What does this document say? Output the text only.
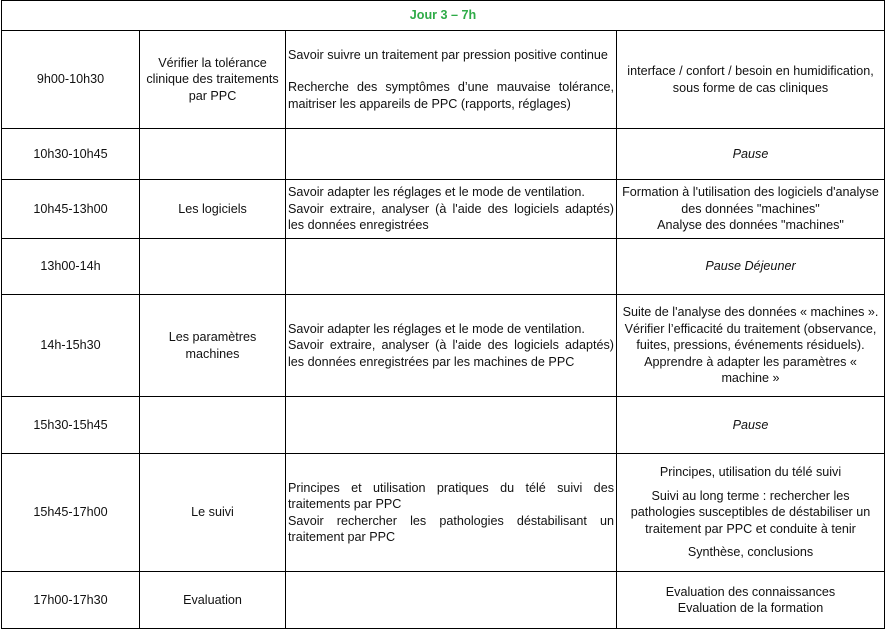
Jour 3 – 7h			
9h00-10h30	Vérifier la tolérance clinique des traitements par PPC	Savoir suivre un traitement par pression positive continue
Recherche des symptômes d’une mauvaise tolérance, maitriser les appareils de PPC (rapports, réglages)	interface / confort / besoin en humidification, sous forme de cas cliniques

10h30-10h45			Pause
10h45-13h00	Les logiciels	Savoir adapter les réglages et le mode de ventilation.
Savoir extraire, analyser (à l'aide des logiciels adaptés) les données enregistrées	Formation à l'utilisation des logiciels d'analyse des données "machines"
Analyse des données "machines"

13h00-14h			Pause Déjeuner
14h-15h30	Les paramètres machines	Savoir adapter les réglages et le mode de ventilation.
Savoir extraire, analyser (à l'aide des logiciels adaptés) les données enregistrées par les machines de PPC	Suite de l'analyse des données « machines ».
Vérifier l’efficacité du traitement (observance, fuites, pressions, événements résiduels).
Apprendre à adapter les paramètres « machine »

15h30-15h45			Pause
15h45-17h00	Le suivi	Principes et utilisation pratiques du télé suivi des traitements par PPC
Savoir rechercher les pathologies déstabilisant un traitement par PPC	Principes, utilisation du télé suivi
Suivi au long terme : rechercher les pathologies susceptibles de déstabiliser un traitement par PPC et conduite à tenir
Synthèse, conclusions

17h00-17h30	Evaluation		Evaluation des connaissances
Evaluation de la formation
